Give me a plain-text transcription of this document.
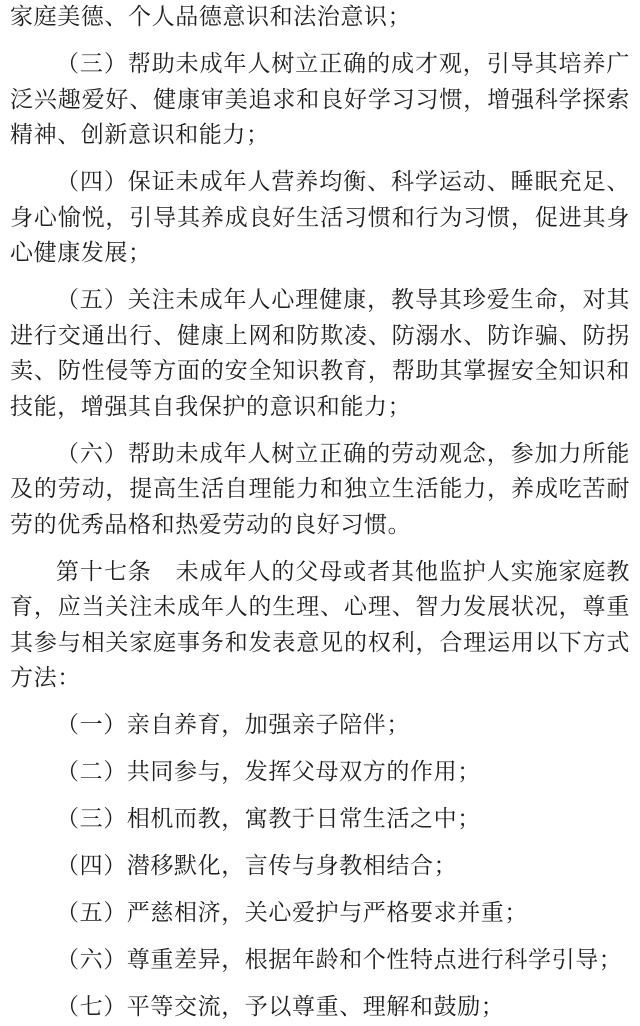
家庭美德、个人品德意识和法治意识；

（三）帮助未成年人树立正确的成才观，引导其培养广泛兴趣爱好、健康审美追求和良好学习习惯，增强科学探索精神、创新意识和能力；

（四）保证未成年人营养均衡、科学运动、睡眠充足、身心愉悦，引导其养成良好生活习惯和行为习惯，促进其身心健康发展；

（五）关注未成年人心理健康，教导其珍爱生命，对其进行交通出行、健康上网和防欺凌、防溺水、防诈骗、防拐卖、防性侵等方面的安全知识教育，帮助其掌握安全知识和技能，增强其自我保护的意识和能力；

（六）帮助未成年人树立正确的劳动观念，参加力所能及的劳动，提高生活自理能力和独立生活能力，养成吃苦耐劳的优秀品格和热爱劳动的良好习惯。

第十七条　未成年人的父母或者其他监护人实施家庭教育，应当关注未成年人的生理、心理、智力发展状况，尊重其参与相关家庭事务和发表意见的权利，合理运用以下方式方法：

（一）亲自养育，加强亲子陪伴；

（二）共同参与，发挥父母双方的作用；

（三）相机而教，寓教于日常生活之中；

（四）潜移默化，言传与身教相结合；

（五）严慈相济，关心爱护与严格要求并重；

（六）尊重差异，根据年龄和个性特点进行科学引导；

（七）平等交流，予以尊重、理解和鼓励；
